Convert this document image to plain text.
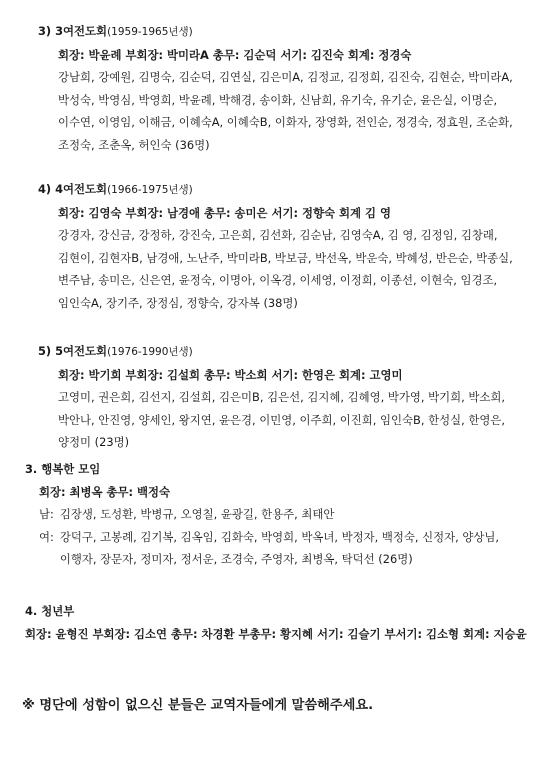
3) 3여전도회(1959-1965년생)
회장: 박윤례 부회장: 박미라A 총무: 김순덕 서기: 김진숙 회계: 정경숙
강남희, 강예원, 김명숙, 김순덕, 김연실, 김은미A, 김정교, 김정희, 김진숙, 김현순, 박미라A, 박성숙, 박영심, 박영희, 박윤례, 박해경, 송이화, 신남희, 유기숙, 유기순, 윤은실, 이명순, 이수연, 이영임, 이해금, 이혜숙A, 이혜숙B, 이화자, 장영화, 전인순, 정경숙, 정효원, 조순화, 조정숙, 조춘옥, 허인숙 (36명)
4) 4여전도회(1966-1975년생)
회장: 김영숙 부회장: 남경애 총무: 송미은 서기: 정향숙 회계 김 영
강경자, 강신금, 강정하, 강진숙, 고은희, 김선화, 김순남, 김영숙A, 김 영, 김정임, 김창래, 김현이, 김현자B, 남경애, 노난주, 박미라B, 박보금, 박선옥, 박운숙, 박혜성, 반은순, 박종실, 변주남, 송미은, 신은연, 윤정숙, 이명아, 이옥경, 이세영, 이정희, 이종선, 이현숙, 임경조, 임인숙A, 장기주, 장정심, 정향숙, 강자복 (38명)
5) 5여전도회(1976-1990년생)
회장: 박기희 부회장: 김설희 총무: 박소희 서기: 한영은 회계: 고영미
고영미, 권은희, 김선지, 김설희, 김은미B, 김은선, 김지혜, 김혜영, 박가영, 박기희, 박소희, 박안나, 안진영, 양세인, 왕지연, 윤은경, 이민영, 이주희, 이진희, 임인숙B, 한성실, 한영은, 양정미 (23명)
3. 행복한 모임
회장: 최병옥 총무: 백정숙
남: 김장생, 도성환, 박병규, 오영칠, 윤광길, 한용주, 최태안
여: 강덕구, 고봉례, 김기복, 김옥임, 김화숙, 박영희, 박옥녀, 박정자, 백정숙, 신정자, 양상님, 이행자, 장문자, 정미자, 정서운, 조경숙, 주영자, 최병옥, 탁덕선 (26명)
4. 청년부
회장: 윤형진 부회장: 김소연 총무: 차경환 부총무: 황지혜 서기: 김슬기 부서기: 김소형 회계: 지승윤
※ 명단에 성함이 없으신 분들은 교역자들에게 말씀해주세요.
